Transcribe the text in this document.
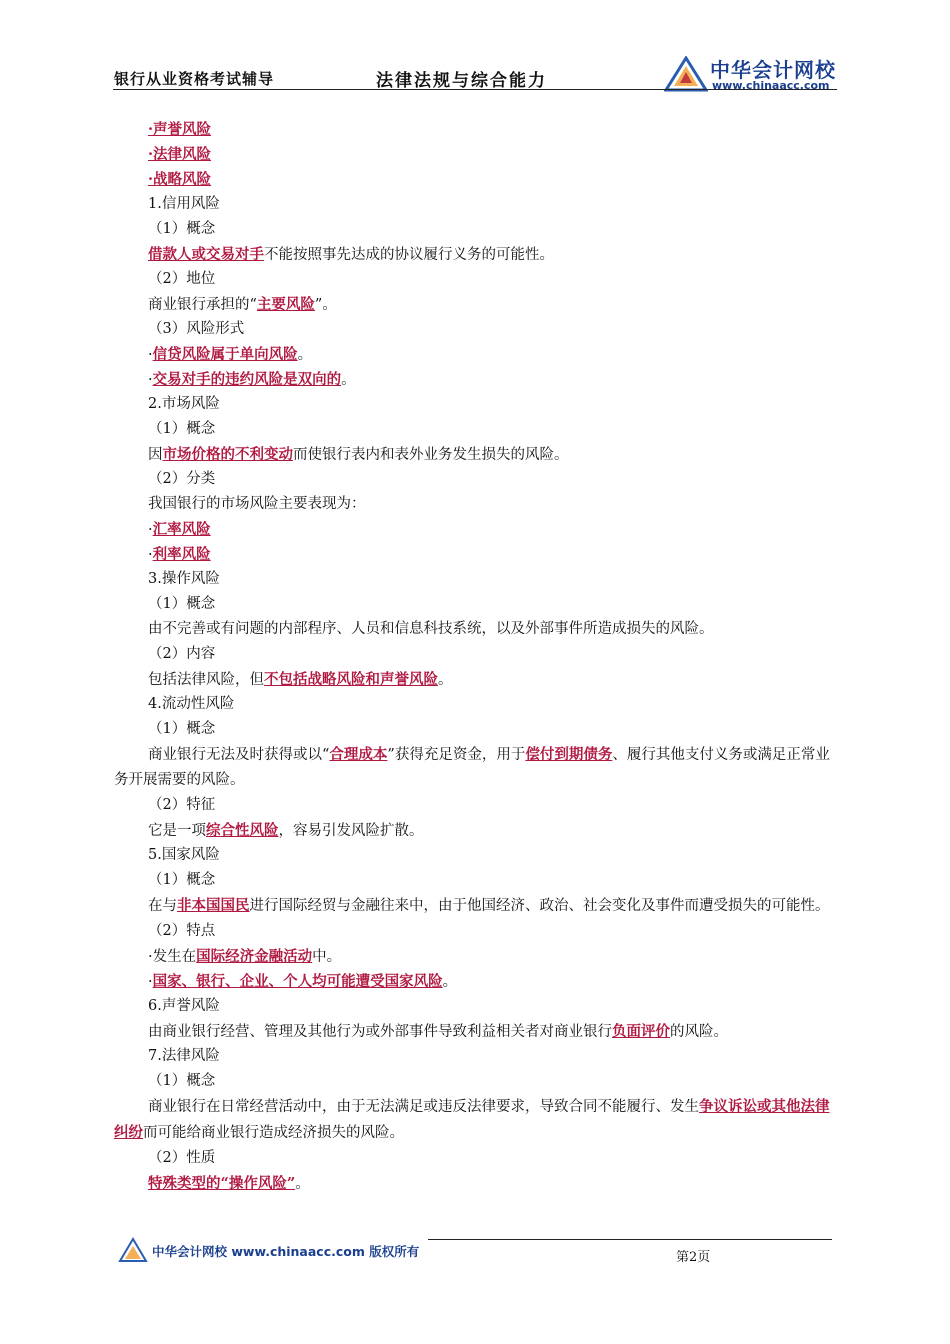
银行从业资格考试辅导	法律法规与综合能力	中华会计网校
www.chinaacc.com
·声誉风险
·法律风险
·战略风险
1.信用风险
（1）概念
借款人或交易对手不能按照事先达成的协议履行义务的可能性。
（2）地位
商业银行承担的“主要风险”。
（3）风险形式
·信贷风险属于单向风险。
·交易对手的违约风险是双向的。
2.市场风险
（1）概念
因市场价格的不利变动而使银行表内和表外业务发生损失的风险。
（2）分类
我国银行的市场风险主要表现为：
·汇率风险
·利率风险
3.操作风险
（1）概念
由不完善或有问题的内部程序、人员和信息科技系统，以及外部事件所造成损失的风险。
（2）内容
包括法律风险，但不包括战略风险和声誉风险。
4.流动性风险
（1）概念
商业银行无法及时获得或以“合理成本”获得充足资金，用于偿付到期债务、履行其他支付义务或满足正常业务开展需要的风险。
（2）特征
它是一项综合性风险，容易引发风险扩散。
5.国家风险
（1）概念
在与非本国国民进行国际经贸与金融往来中，由于他国经济、政治、社会变化及事件而遭受损失的可能性。
（2）特点
·发生在国际经济金融活动中。
·国家、银行、企业、个人均可能遭受国家风险。
6.声誉风险
由商业银行经营、管理及其他行为或外部事件导致利益相关者对商业银行负面评价的风险。
7.法律风险
（1）概念
商业银行在日常经营活动中，由于无法满足或违反法律要求，导致合同不能履行、发生争议诉讼或其他法律纠纷而可能给商业银行造成经济损失的风险。
（2）性质
特殊类型的“操作风险”。
中华会计网校 www.chinaacc.com 版权所有	第2页
